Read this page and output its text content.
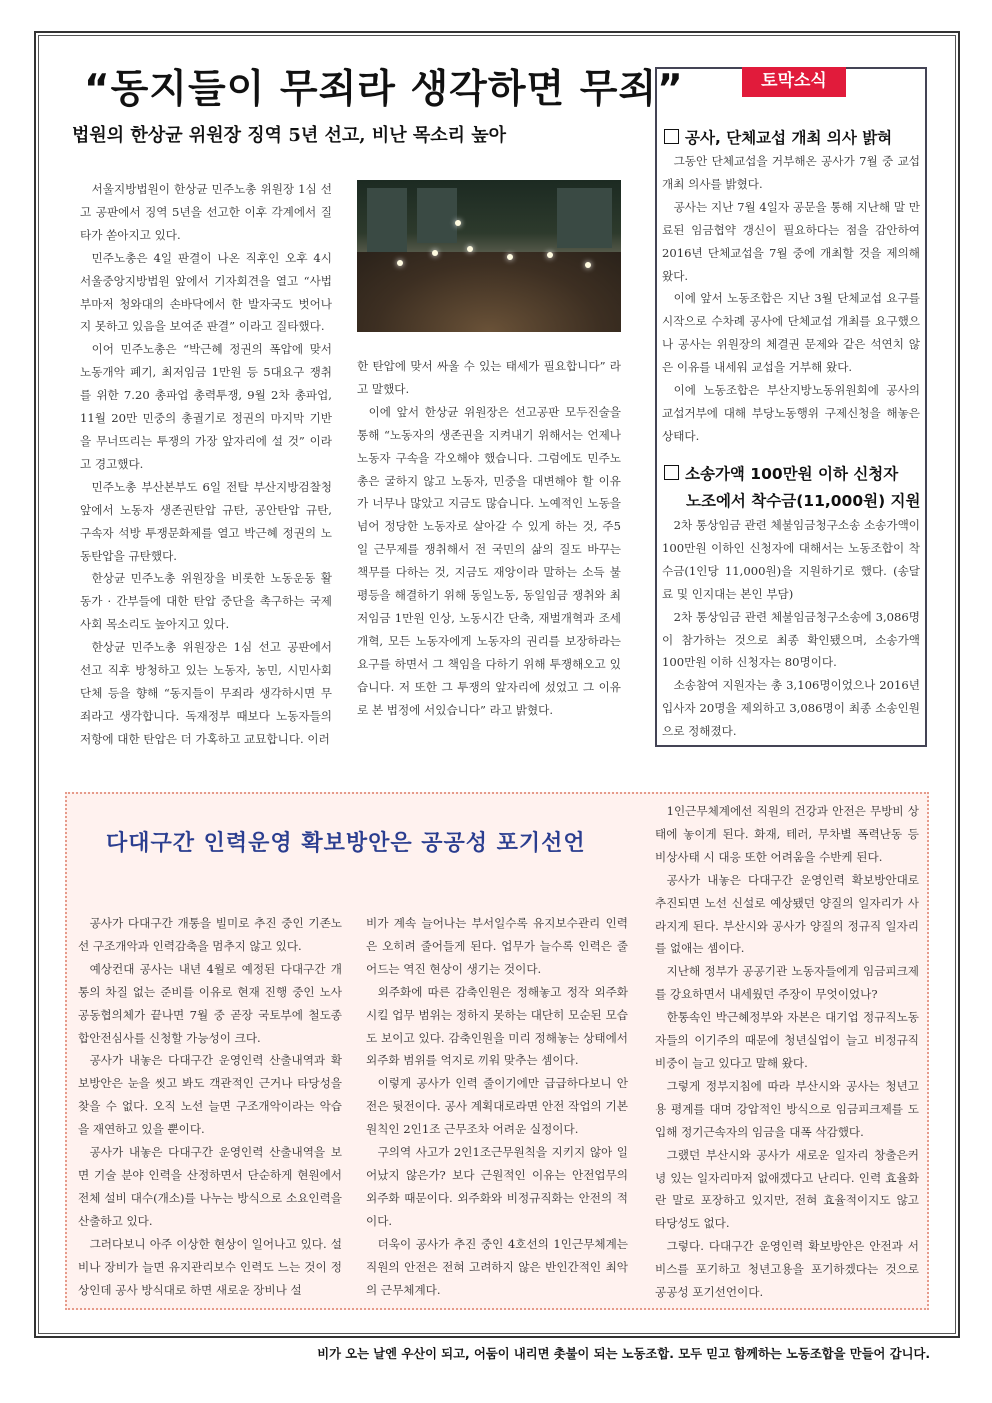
“동지들이 무죄라 생각하면 무죄”
법원의 한상균 위원장 징역 5년 선고, 비난 목소리 높아

서울지방법원이 한상균 민주노총 위원장 1심 선고 공판에서 징역 5년을 선고한 이후 각계에서 질타가 쏟아지고 있다.

민주노총은 4일 판결이 나온 직후인 오후 4시 서울중앙지방법원 앞에서 기자회견을 열고 “사법부마저 청와대의 손바닥에서 한 발자국도 벗어나지 못하고 있음을 보여준 판결” 이라고 질타했다.

이어 민주노총은 “박근혜 정권의 폭압에 맞서 노동개악 폐기, 최저임금 1만원 등 5대요구 쟁취를 위한 7.20 총파업 총력투쟁, 9월 2차 총파업, 11월 20만 민중의 총궐기로 정권의 마지막 기반을 무너뜨리는 투쟁의 가장 앞자리에 설 것” 이라고 경고했다.

민주노총 부산본부도 6일 전탈 부산지방검찰청 앞에서 노동자 생존권탄압 규탄, 공안탄압 규탄, 구속자 석방 투쟁문화제를 열고 박근혜 정권의 노동탄압을 규탄했다.

한상균 민주노총 위원장을 비롯한 노동운동 활동가 · 간부들에 대한 탄압 중단을 촉구하는 국제사회 목소리도 높아지고 있다.

한상균 민주노총 위원장은 1심 선고 공판에서 선고 직후 방청하고 있는 노동자, 농민, 시민사회단체 등을 향해 “동지들이 무죄라 생각하시면 무죄라고 생각합니다. 독재정부 때보다 노동자들의 저항에 대한 탄압은 더 가혹하고 교묘합니다. 이러

한 탄압에 맞서 싸울 수 있는 태세가 필요합니다” 라고 말했다.

이에 앞서 한상균 위원장은 선고공판 모두진술을 통해 “노동자의 생존권을 지켜내기 위해서는 언제나 노동자 구속을 각오해야 했습니다. 그럼에도 민주노총은 굴하지 않고 노동자, 민중을 대변해야 할 이유가 너무나 많았고 지금도 많습니다. 노예적인 노동을 넘어 정당한 노동자로 살아갈 수 있게 하는 것, 주5일 근무제를 쟁취해서 전 국민의 삶의 질도 바꾸는 책무를 다하는 것, 지금도 재앙이라 말하는 소득 불평등을 해결하기 위해 동일노동, 동일임금 쟁취와 최저임금 1만원 인상, 노동시간 단축, 재벌개혁과 조세개혁, 모든 노동자에게 노동자의 권리를 보장하라는 요구를 하면서 그 책임을 다하기 위해 투쟁해오고 있습니다. 저 또한 그 투쟁의 앞자리에 섰었고 그 이유로 본 법정에 서있습니다” 라고 밝혔다.

토막소식
공사, 단체교섭 개최 의사 밝혀

그동안 단체교섭을 거부해온 공사가 7월 중 교섭 개최 의사를 밝혔다.

공사는 지난 7월 4일자 공문을 통해 지난해 말 만료된 임금협약 갱신이 필요하다는 점을 감안하여 2016년 단체교섭을 7월 중에 개최할 것을 제의해 왔다.

이에 앞서 노동조합은 지난 3월 단체교섭 요구를 시작으로 수차례 공사에 단체교섭 개최를 요구했으나 공사는 위원장의 체결권 문제와 같은 석연치 않은 이유를 내세워 교섭을 거부해 왔다.

이에 노동조합은 부산지방노동위원회에 공사의 교섭거부에 대해 부당노동행위 구제신청을 해놓은 상태다.

소송가액 100만원 이하 신청자
노조에서 착수금(11,000원) 지원

2차 통상임금 관련 체불임금청구소송 소송가액이 100만원 이하인 신청자에 대해서는 노동조합이 착수금(1인당 11,000원)을 지원하기로 했다. (송달료 및 인지대는 본인 부담)

2차 통상임금 관련 체불임금청구소송에 3,086명이 참가하는 것으로 최종 확인됐으며, 소송가액 100만원 이하 신청자는 80명이다.

소송참여 지원자는 총 3,106명이었으나 2016년 입사자 20명을 제외하고 3,086명이 최종 소송인원으로 정해졌다.

다대구간 인력운영 확보방안은 공공성 포기선언

공사가 다대구간 개통을 빌미로 추진 중인 기존노선 구조개악과 인력감축을 멈추지 않고 있다.

예상컨대 공사는 내년 4월로 예정된 다대구간 개통의 차질 없는 준비를 이유로 현재 진행 중인 노사공동협의체가 끝나면 7월 중 곧장 국토부에 철도종합안전심사를 신청할 가능성이 크다.

공사가 내놓은 다대구간 운영인력 산출내역과 확보방안은 눈을 씻고 봐도 객관적인 근거나 타당성을 찾을 수 없다. 오직 노선 늘면 구조개악이라는 악습을 재연하고 있을 뿐이다.

공사가 내놓은 다대구간 운영인력 산출내역을 보면 기술 분야 인력을 산정하면서 단순하게 현원에서 전체 설비 대수(개소)를 나누는 방식으로 소요인력을 산출하고 있다.

그러다보니 아주 이상한 현상이 일어나고 있다. 설비나 장비가 늘면 유지관리보수 인력도 느는 것이 정상인데 공사 방식대로 하면 새로운 장비나 설

비가 계속 늘어나는 부서일수록 유지보수관리 인력은 오히려 줄어들게 된다. 업무가 늘수록 인력은 줄어드는 역진 현상이 생기는 것이다.

외주화에 따른 감축인원은 정해놓고 정작 외주화시킬 업무 범위는 정하지 못하는 대단히 모순된 모습도 보이고 있다. 감축인원을 미리 정해놓는 상태에서 외주화 범위를 억지로 끼워 맞추는 셈이다.

이렇게 공사가 인력 줄이기에만 급급하다보니 안전은 뒷전이다. 공사 계획대로라면 안전 작업의 기본원칙인 2인1조 근무조차 어려운 실정이다.

구의역 사고가 2인1조근무원칙을 지키지 않아 일어났지 않은가? 보다 근원적인 이유는 안전업무의 외주화 때문이다. 외주화와 비정규직화는 안전의 적이다.

더욱이 공사가 추진 중인 4호선의 1인근무체계는 직원의 안전은 전혀 고려하지 않은 반인간적인 최악의 근무체계다.

1인근무체계에선 직원의 건강과 안전은 무방비 상태에 놓이게 된다. 화재, 테러, 무차별 폭력난동 등 비상사태 시 대응 또한 어려움을 수반케 된다.

공사가 내놓은 다대구간 운영인력 확보방안대로 추진되면 노선 신설로 예상됐던 양질의 일자리가 사라지게 된다. 부산시와 공사가 양질의 정규직 일자리를 없애는 셈이다.

지난해 정부가 공공기관 노동자들에게 임금피크제를 강요하면서 내세웠던 주장이 무엇이었나?

한통속인 박근혜정부와 자본은 대기업 정규직노동자들의 이기주의 때문에 청년실업이 늘고 비정규직 비중이 늘고 있다고 말해 왔다.

그렇게 정부지침에 따라 부산시와 공사는 청년고용 평계를 대며 강압적인 방식으로 임금피크제를 도입해 정기근속자의 임금을 대폭 삭감했다.

그랬던 부산시와 공사가 새로운 일자리 창출은커녕 있는 일자리마저 없애겠다고 난리다. 인력 효율화란 말로 포장하고 있지만, 전혀 효율적이지도 않고 타당성도 없다.

그렇다. 다대구간 운영인력 확보방안은 안전과 서비스를 포기하고 청년고용을 포기하겠다는 것으로 공공성 포기선언이다.

비가 오는 날엔 우산이 되고, 어둠이 내리면 촛불이 되는 노동조합. 모두 믿고 함께하는 노동조합을 만들어 갑니다.
